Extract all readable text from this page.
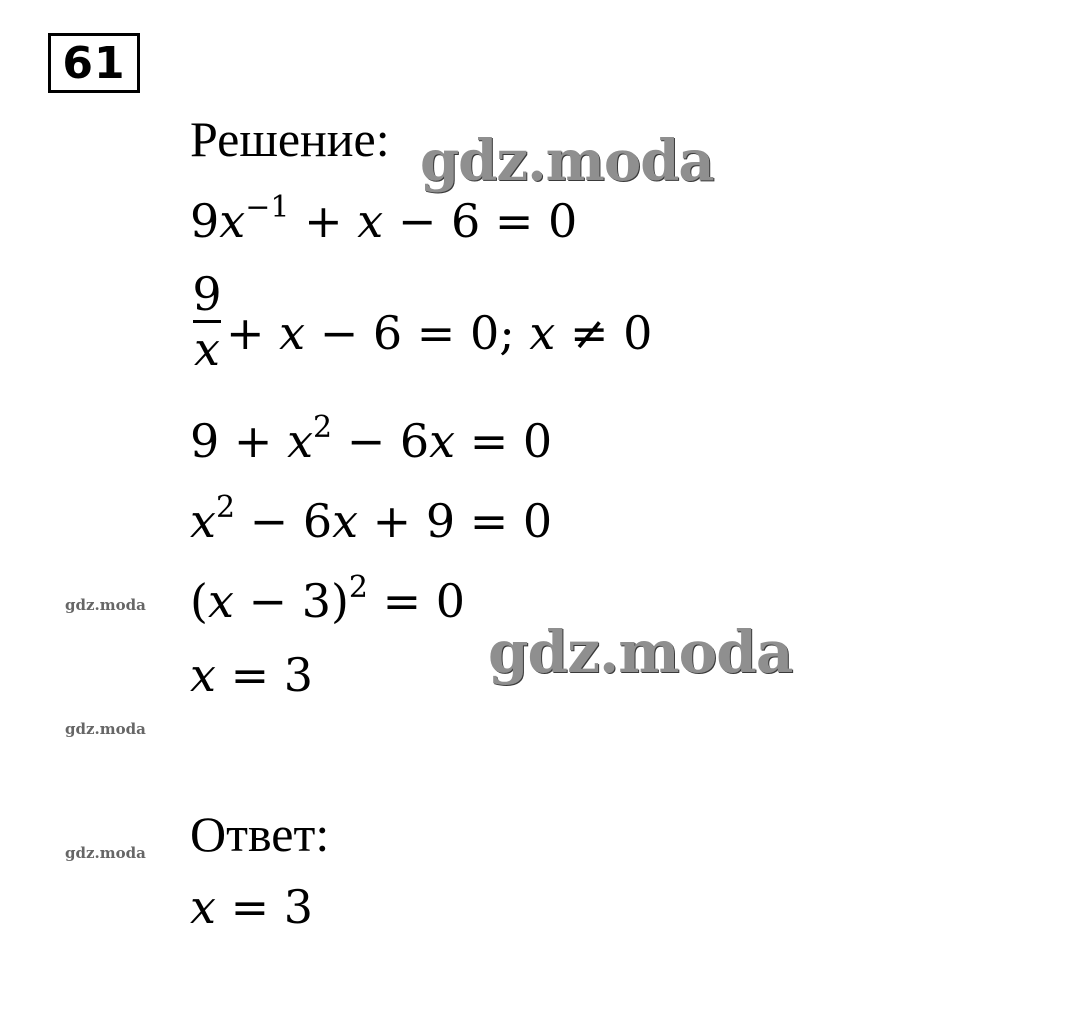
61
Решение:
$9x^{-1} + x - 6 = 0$
9
x + x − 6 = 0; x ≠ 0
$9 + x^2 - 6x = 0$
$x^2 - 6x + 9 = 0$
$(x - 3)^2 = 0$
x = 3
Ответ:
x = 3
gdz.moda
gdz.moda
gdz.moda
gdz.moda
gdz.moda
